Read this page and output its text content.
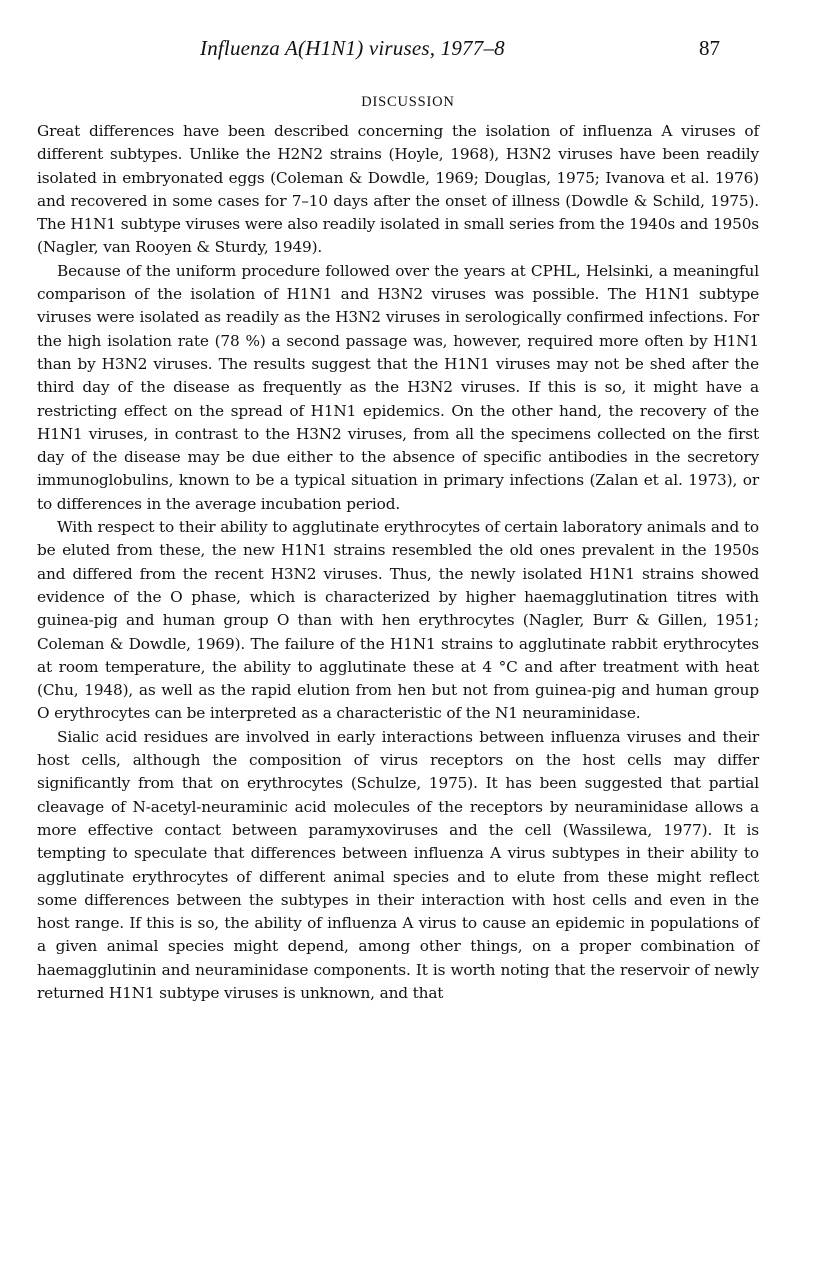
Influenza A(H1N1) viruses, 1977–8	87
DISCUSSION

Great differences have been described concerning the isolation of influenza A viruses of different subtypes. Unlike the H2N2 strains (Hoyle, 1968), H3N2 viruses have been readily isolated in embryonated eggs (Coleman & Dowdle, 1969; Douglas, 1975; Ivanova et al. 1976) and recovered in some cases for 7–10 days after the onset of illness (Dowdle & Schild, 1975). The H1N1 subtype viruses were also readily isolated in small series from the 1940s and 1950s (Nagler, van Rooyen & Sturdy, 1949).

Because of the uniform procedure followed over the years at CPHL, Helsinki, a meaningful comparison of the isolation of H1N1 and H3N2 viruses was possible. The H1N1 subtype viruses were isolated as readily as the H3N2 viruses in serologically confirmed infections. For the high isolation rate (78 %) a second passage was, however, required more often by H1N1 than by H3N2 viruses. The results suggest that the H1N1 viruses may not be shed after the third day of the disease as frequently as the H3N2 viruses. If this is so, it might have a restricting effect on the spread of H1N1 epidemics. On the other hand, the recovery of the H1N1 viruses, in contrast to the H3N2 viruses, from all the specimens collected on the first day of the disease may be due either to the absence of specific antibodies in the secretory immunoglobulins, known to be a typical situation in primary infections (Zalan et al. 1973), or to differences in the average incubation period.

With respect to their ability to agglutinate erythrocytes of certain laboratory animals and to be eluted from these, the new H1N1 strains resembled the old ones prevalent in the 1950s and differed from the recent H3N2 viruses. Thus, the newly isolated H1N1 strains showed evidence of the O phase, which is characterized by higher haemagglutination titres with guinea-pig and human group O than with hen erythrocytes (Nagler, Burr & Gillen, 1951; Coleman & Dowdle, 1969). The failure of the H1N1 strains to agglutinate rabbit erythrocytes at room temperature, the ability to agglutinate these at 4 °C and after treatment with heat (Chu, 1948), as well as the rapid elution from hen but not from guinea-pig and human group O erythrocytes can be interpreted as a characteristic of the N1 neuraminidase.

Sialic acid residues are involved in early interactions between influenza viruses and their host cells, although the composition of virus receptors on the host cells may differ significantly from that on erythrocytes (Schulze, 1975). It has been suggested that partial cleavage of N-acetyl-neuraminic acid molecules of the receptors by neuraminidase allows a more effective contact between paramyxoviruses and the cell (Wassilewa, 1977). It is tempting to speculate that differences between influenza A virus subtypes in their ability to agglutinate erythrocytes of different animal species and to elute from these might reflect some differences between the subtypes in their interaction with host cells and even in the host range. If this is so, the ability of influenza A virus to cause an epidemic in populations of a given animal species might depend, among other things, on a proper combination of haemagglutinin and neuraminidase components. It is worth noting that the reservoir of newly returned H1N1 subtype viruses is unknown, and that
